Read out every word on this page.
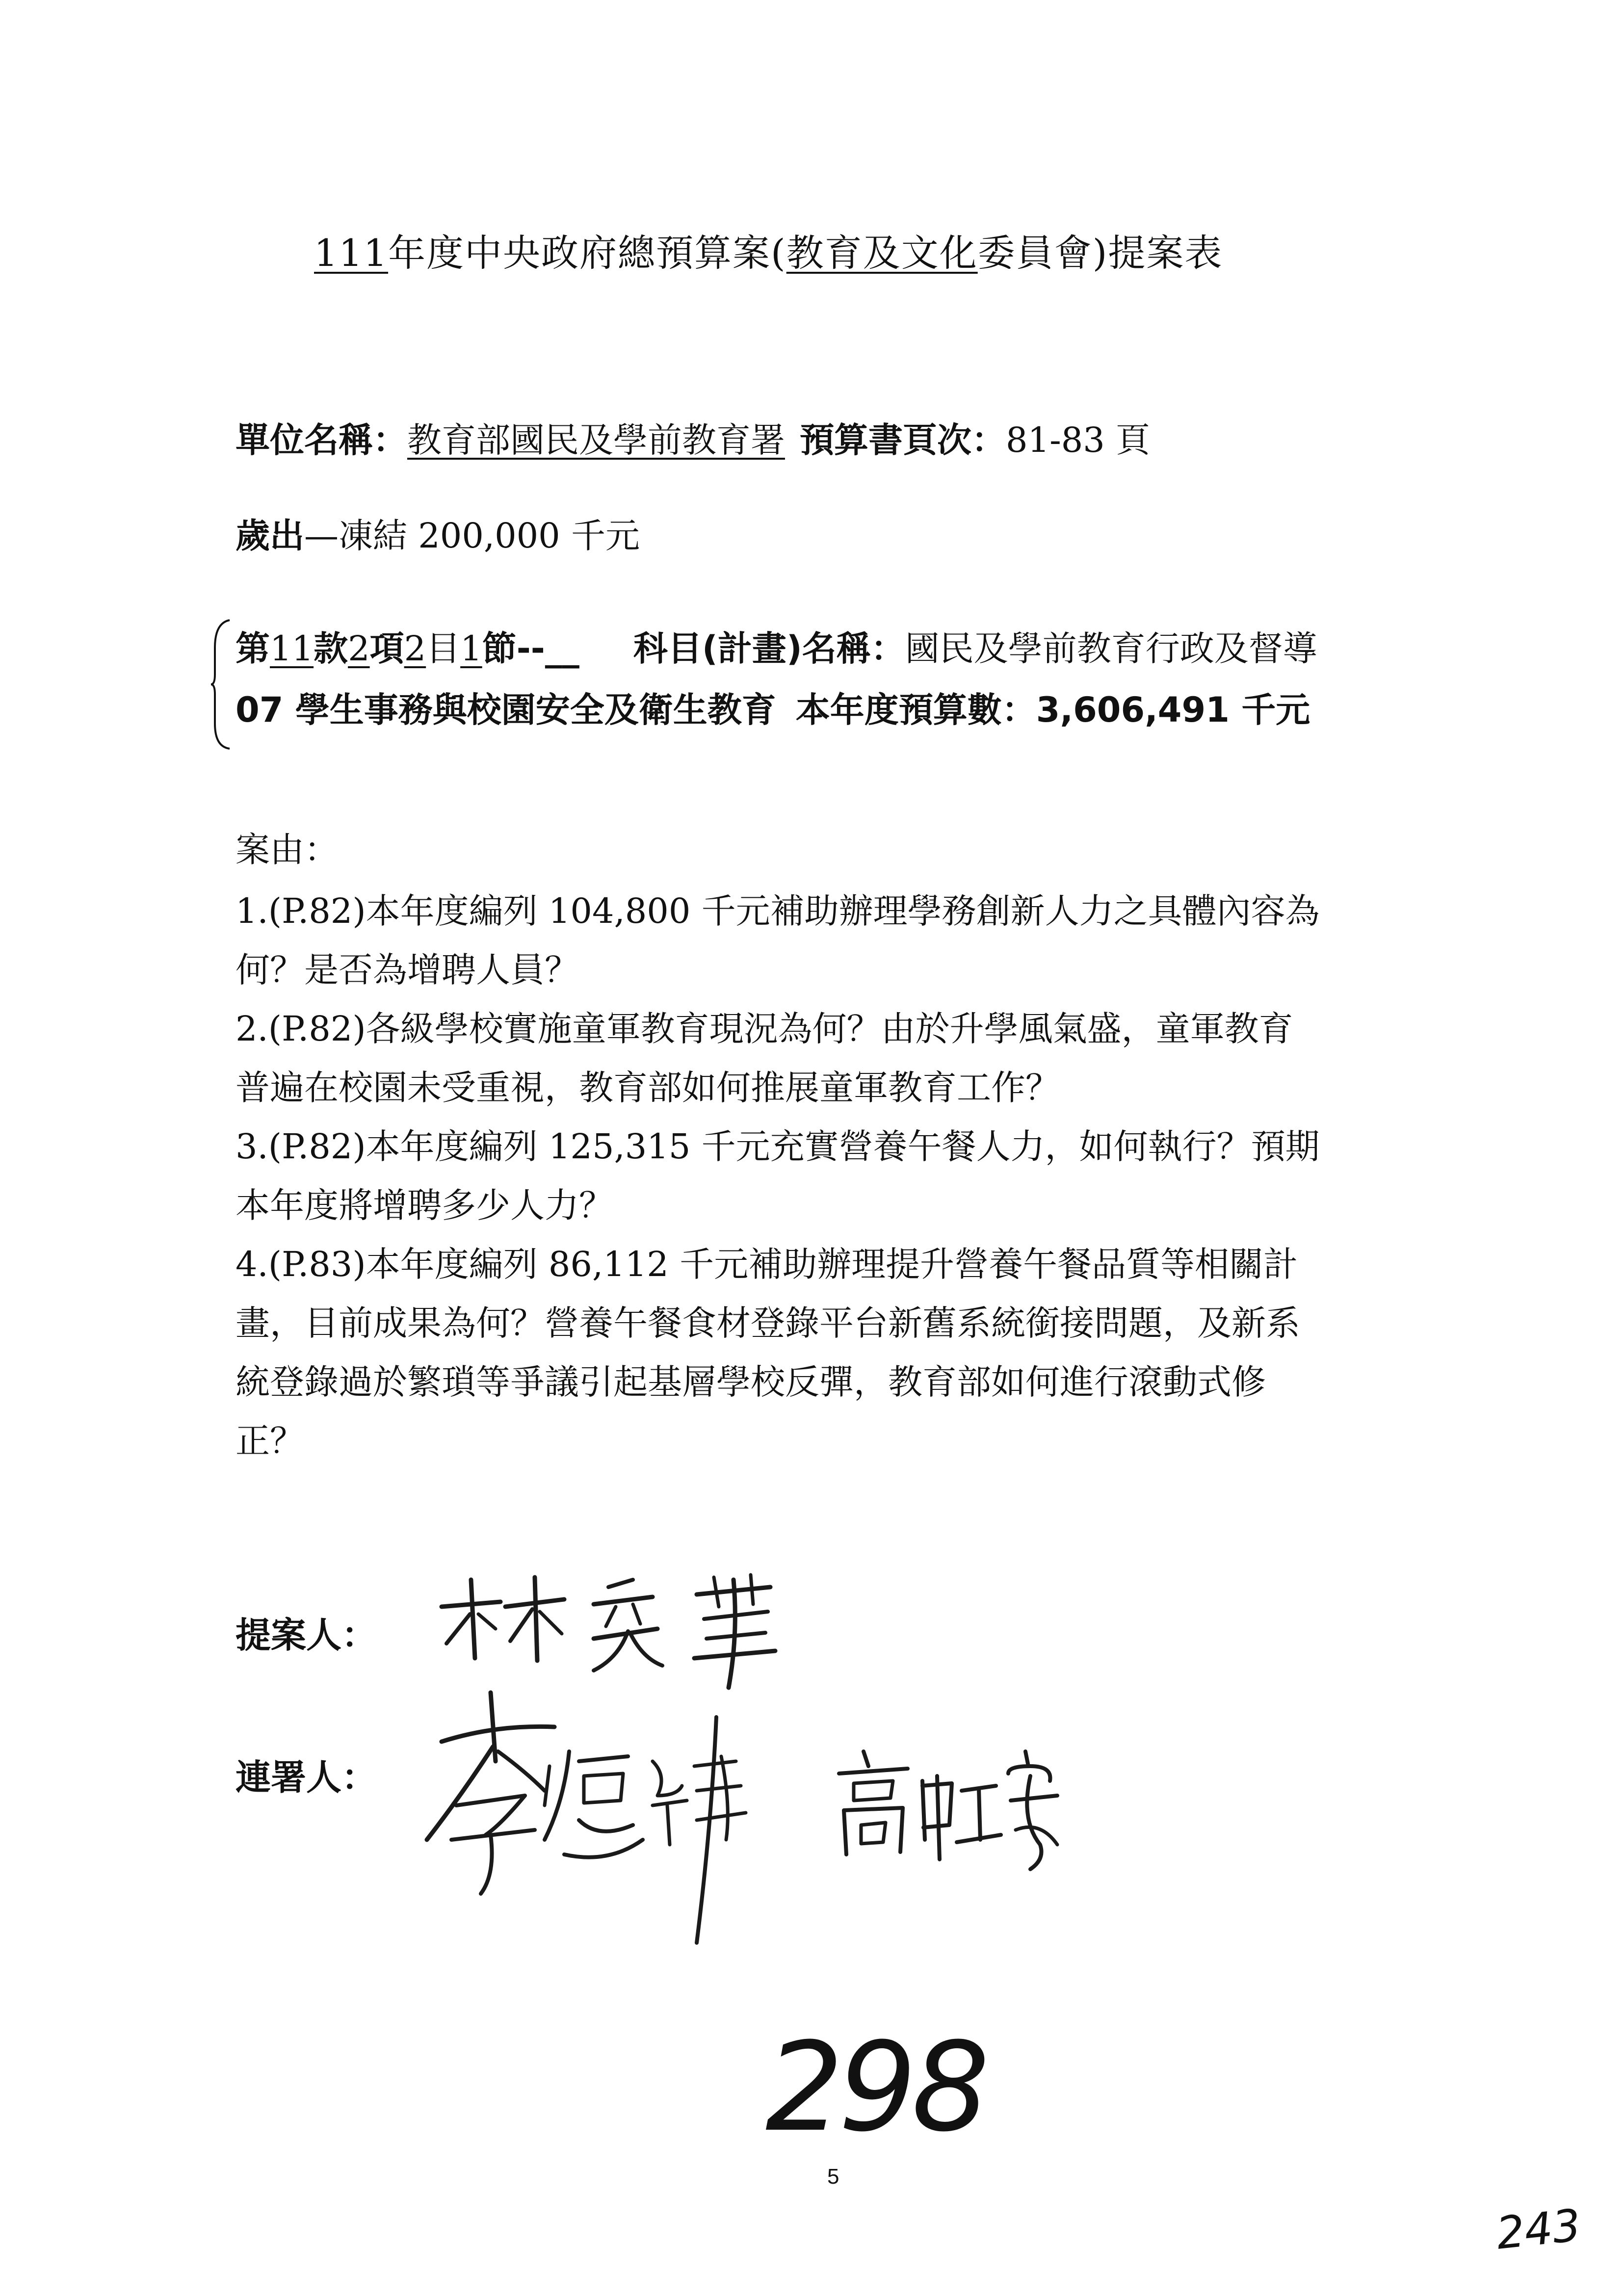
111年度中央政府總預算案(教育及文化委員會)提案表
單位名稱：教育部國民及學前教育署 預算書頁次：81-83 頁
歲出—凍結 200,000 千元
第11款2項2目1節--__ 科目(計畫)名稱：國民及學前教育行政及督導
07 學生事務與校園安全及衛生教育 本年度預算數：3,606,491 千元
案由：
1.(P.82)本年度編列 104,800 千元補助辦理學務創新人力之具體內容為
何？是否為增聘人員？
2.(P.82)各級學校實施童軍教育現況為何？由於升學風氣盛，童軍教育
普遍在校園未受重視，教育部如何推展童軍教育工作？
3.(P.82)本年度編列 125,315 千元充實營養午餐人力，如何執行？預期
本年度將增聘多少人力？
4.(P.83)本年度編列 86,112 千元補助辦理提升營養午餐品質等相關計
畫，目前成果為何？營養午餐食材登錄平台新舊系統銜接問題，及新系
統登錄過於繁瑣等爭議引起基層學校反彈，教育部如何進行滾動式修
正？
提案人：
連署人：
298
5
243
